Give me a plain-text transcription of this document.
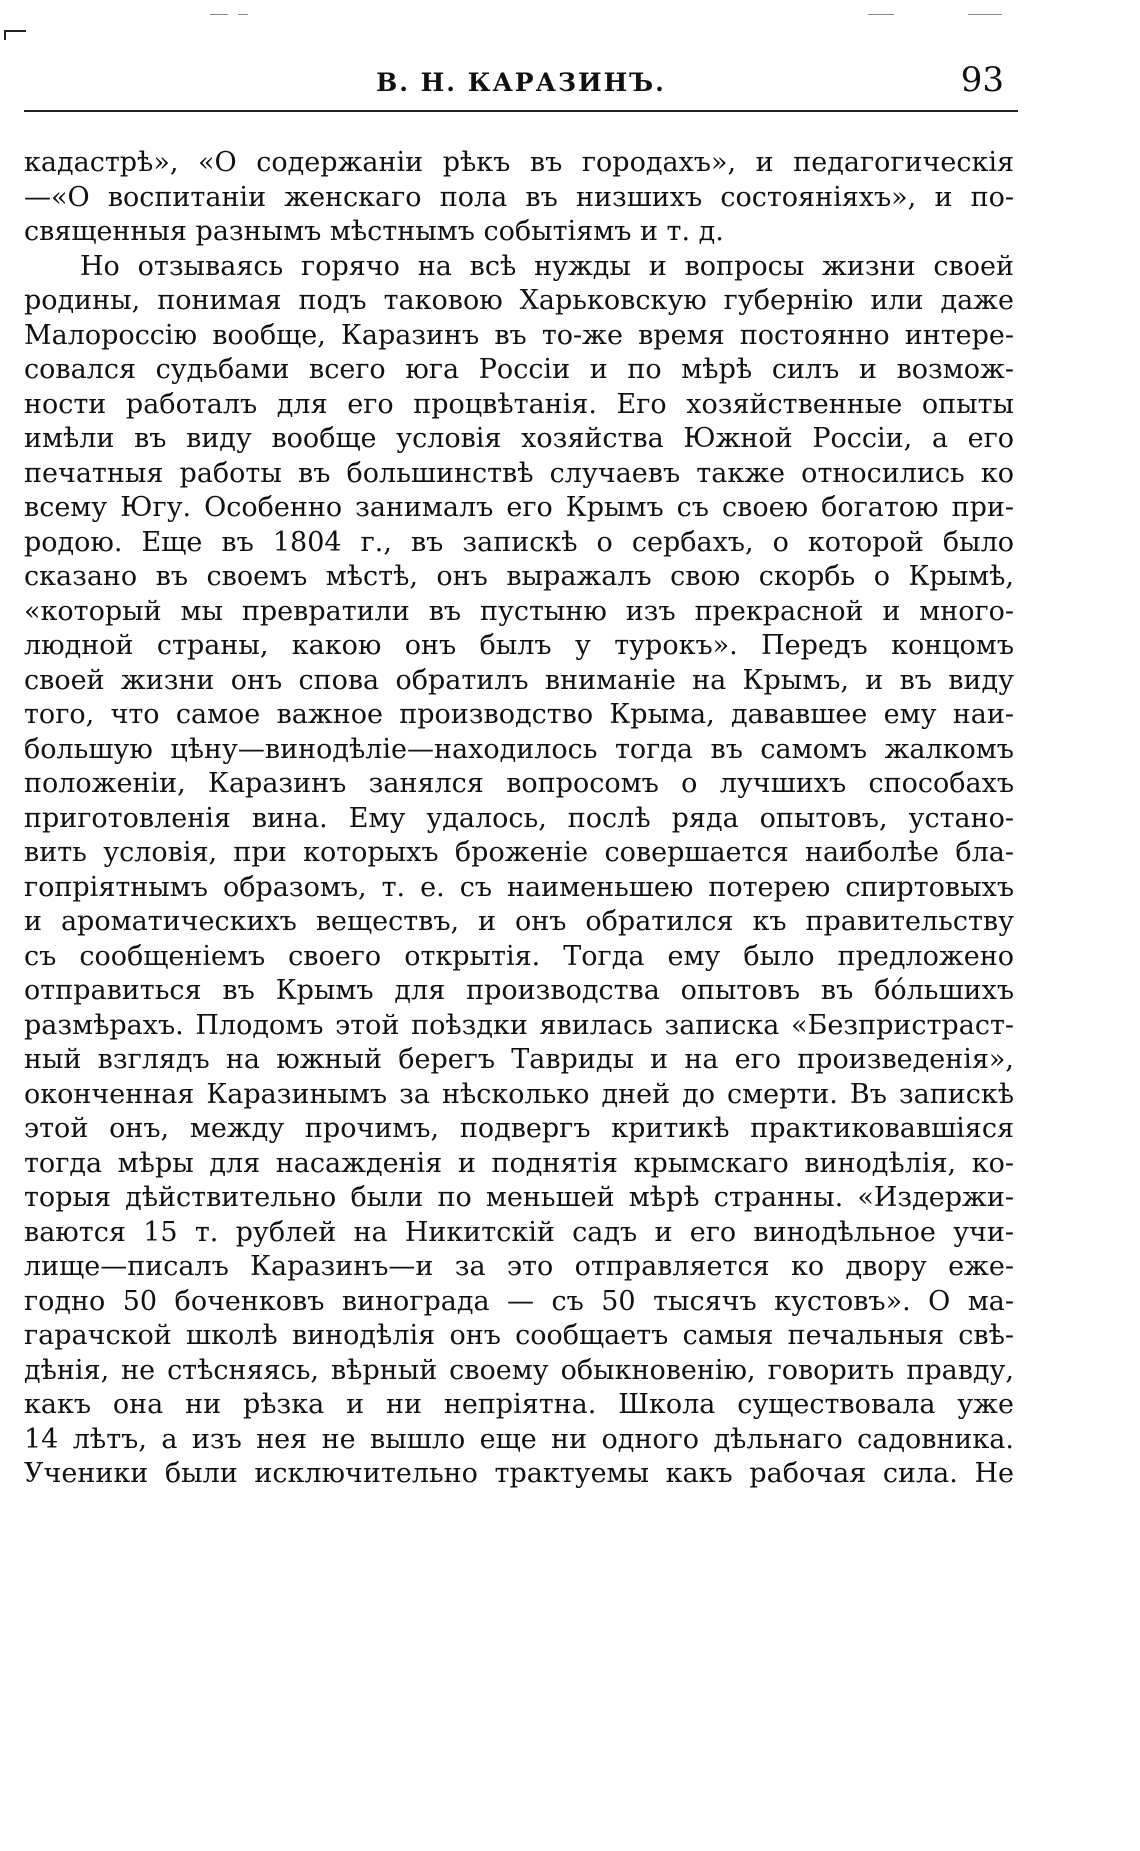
В. Н. КАРАЗИНЪ.	93
кадастрѣ», «О содержанiи рѣкъ въ городахъ», и педагогическiя
—«О воспитанiи женскаго пола въ низшихъ состоянiяхъ», и по-
священныя разнымъ мѣстнымъ событiямъ и т. д.
Но отзываясь горячо на всѣ нужды и вопросы жизни своей
родины, понимая подъ таковою Харьковскую губернiю или даже
Малороссiю вообще, Каразинъ въ то-же время постоянно интере-
совался судьбами всего юга Россiи и по мѣрѣ силъ и возмож-
ности работалъ для его процвѣтанiя. Его хозяйственные опыты
имѣли въ виду вообще условiя хозяйства Южной Россiи, а его
печатныя работы въ большинствѣ случаевъ также относились ко
всему Югу. Особенно занималъ его Крымъ съ своею богатою при-
родою. Еще въ 1804 г., въ запискѣ о сербахъ, о которой было
сказано въ своемъ мѣстѣ, онъ выражалъ свою скорбь о Крымѣ,
«который мы превратили въ пустыню изъ прекрасной и много-
людной страны, какою онъ былъ у турокъ». Передъ концомъ
своей жизни онъ спова обратилъ вниманiе на Крымъ, и въ виду
того, что самое важное производство Крыма, дававшее ему наи-
большую цѣну—винодѣлiе—находилось тогда въ самомъ жалкомъ
положенiи, Каразинъ занялся вопросомъ о лучшихъ способахъ
приготовленiя вина. Ему удалось, послѣ ряда опытовъ, устано-
вить условiя, при которыхъ броженiе совершается наиболѣе бла-
гопрiятнымъ образомъ, т. е. съ наименьшею потерею спиртовыхъ
и ароматическихъ веществъ, и онъ обратился къ правительству
съ сообщенiемъ своего открытiя. Тогда ему было предложено
отправиться въ Крымъ для производства опытовъ въ бóльшихъ
размѣрахъ. Плодомъ этой поѣздки явилась записка «Безпристраст-
ный взглядъ на южный берегъ Тавриды и на его произведенiя»,
оконченная Каразинымъ за нѣсколько дней до смерти. Въ запискѣ
этой онъ, между прочимъ, подвергъ критикѣ практиковавшiяся
тогда мѣры для насажденiя и поднятiя крымскаго винодѣлiя, ко-
торыя дѣйствительно были по меньшей мѣрѣ странны. «Издержи-
ваются 15 т. рублей на Никитскiй садъ и его винодѣльное учи-
лище—писалъ Каразинъ—и за это отправляется ко двору еже-
годно 50 боченковъ винограда — съ 50 тысячъ кустовъ». О ма-
гарачской школѣ винодѣлiя онъ сообщаетъ самыя печальныя свѣ-
дѣнiя, не стѣсняясь, вѣрный своему обыкновенiю, говорить правду,
какъ она ни рѣзка и ни непрiятна. Школа существовала уже
14 лѣтъ, а изъ нея не вышло еще ни одного дѣльнаго садовника.
Ученики были исключительно трактуемы какъ рабочая сила. Не
